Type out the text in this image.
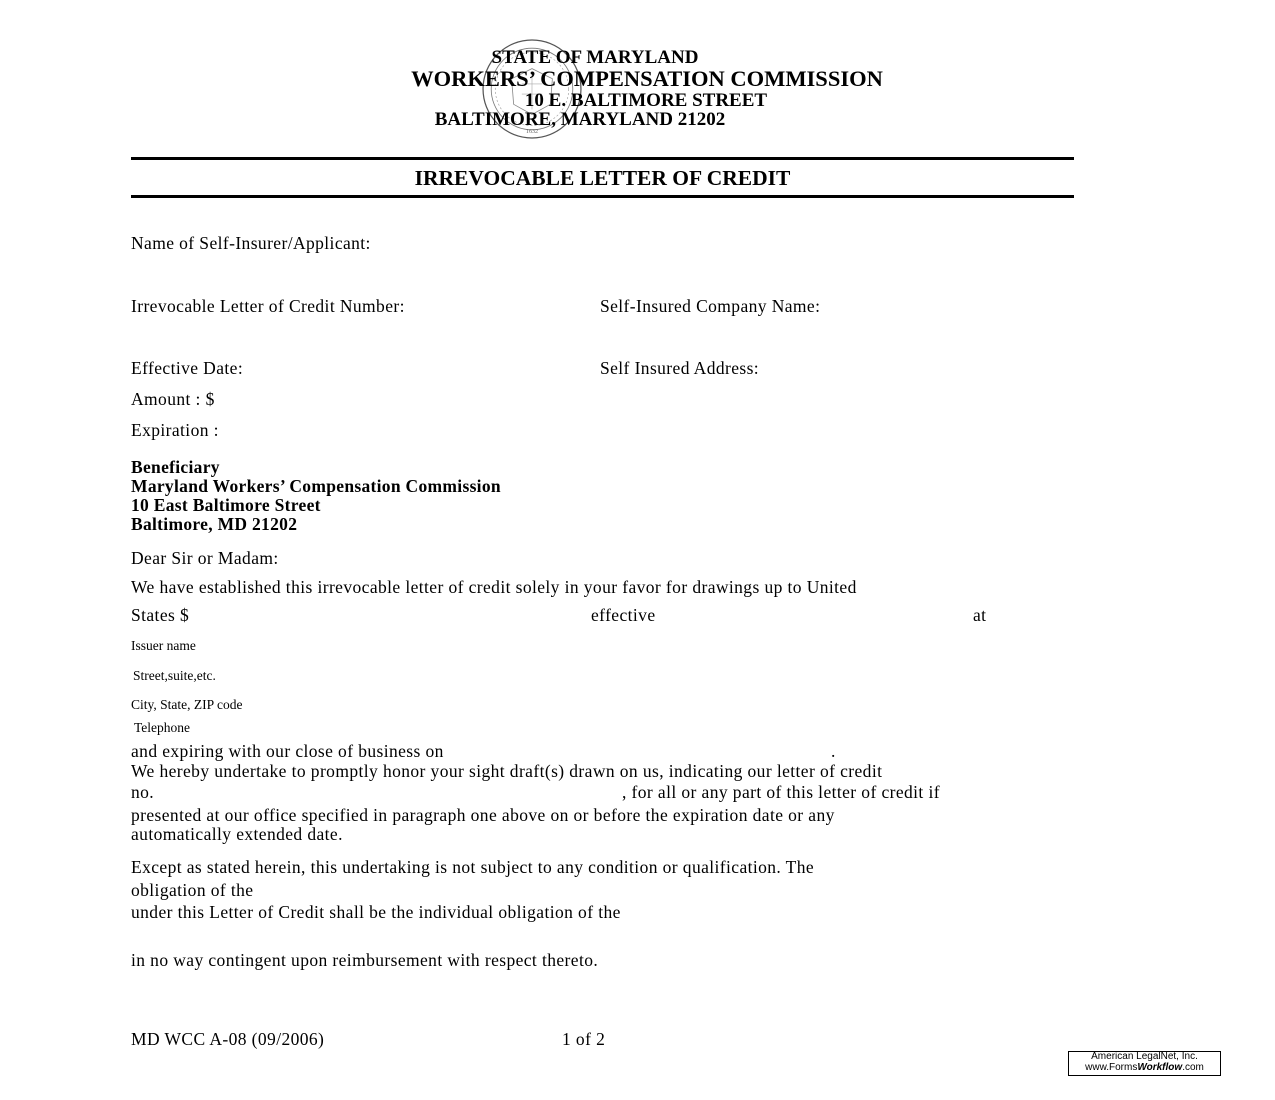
1632
STATE OF MARYLAND
WORKERS’ COMPENSATION COMMISSION
10 E. BALTIMORE STREET
BALTIMORE, MARYLAND 21202
IRREVOCABLE LETTER OF CREDIT
Name of Self-Insurer/Applicant:
Irrevocable Letter of Credit Number:	Self-Insured Company Name:
Effective Date:	Self Insured Address:
Amount : $
Expiration :
Beneficiary
Maryland Workers’ Compensation Commission
10 East Baltimore Street
Baltimore, MD 21202
Dear Sir or Madam:
We have established this irrevocable letter of credit solely in your favor for drawings up to United
States $	effective	at
Issuer name
Street,suite,etc.
City, State, ZIP code
Telephone
and expiring with our close of business on	.
We hereby undertake to promptly honor your sight draft(s) drawn on us, indicating our letter of credit
no.	, for all or any part of this letter of credit if
presented at our office specified in paragraph one above on or before the expiration date or any
automatically extended date.
Except as stated herein, this undertaking is not subject to any condition or qualification. The
obligation of the
under this Letter of Credit shall be the individual obligation of the
in no way contingent upon reimbursement with respect thereto.
MD WCC A-08 (09/2006)	1 of 2
American LegalNet, Inc.
www.FormsWorkflow.com
